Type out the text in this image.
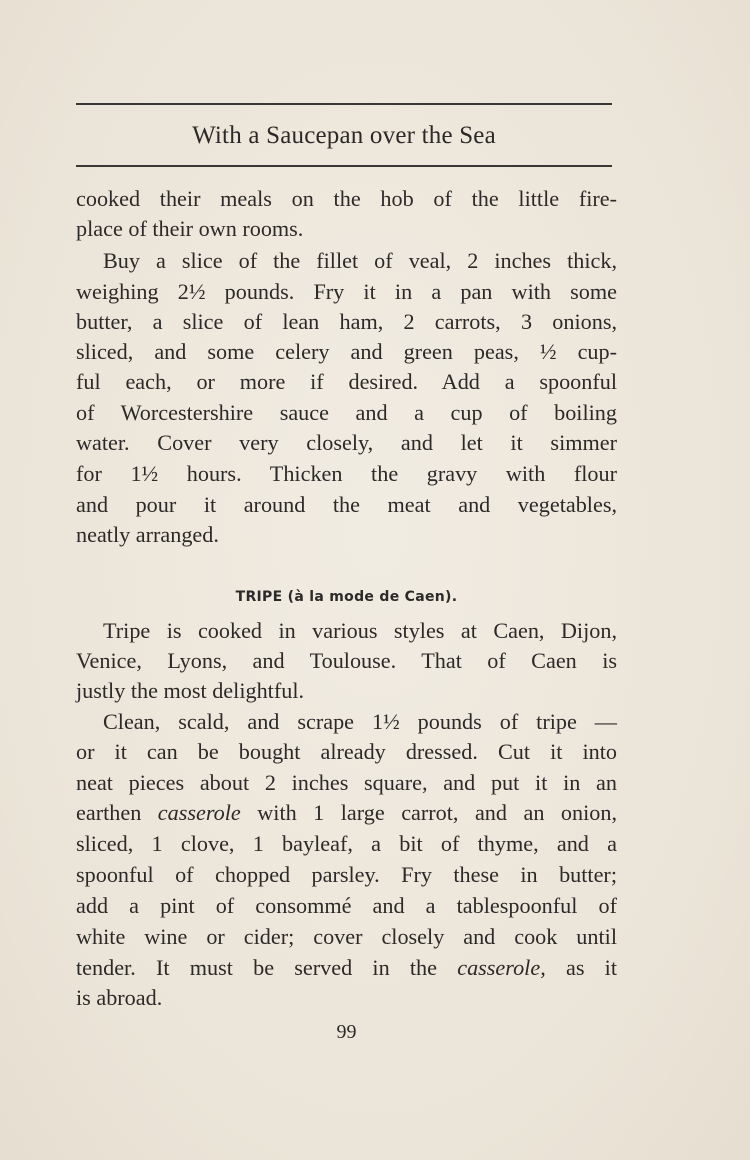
With a Saucepan over the Sea
cooked their meals on the hob of the little fire-
place of their own rooms.
Buy a slice of the fillet of veal, 2 inches thick,
weighing 2½ pounds. Fry it in a pan with some
butter, a slice of lean ham, 2 carrots, 3 onions,
sliced, and some celery and green peas, ½ cup-
ful each, or more if desired. Add a spoonful
of Worcestershire sauce and a cup of boiling
water. Cover very closely, and let it simmer
for 1½ hours. Thicken the gravy with flour
and pour it around the meat and vegetables,
neatly arranged.
TRIPE (à la mode de Caen).
Tripe is cooked in various styles at Caen, Dijon,
Venice, Lyons, and Toulouse. That of Caen is
justly the most delightful.
Clean, scald, and scrape 1½ pounds of tripe —
or it can be bought already dressed. Cut it into
neat pieces about 2 inches square, and put it in an
earthen casserole with 1 large carrot, and an onion,
sliced, 1 clove, 1 bayleaf, a bit of thyme, and a
spoonful of chopped parsley. Fry these in butter;
add a pint of consommé and a tablespoonful of
white wine or cider; cover closely and cook until
tender. It must be served in the casserole, as it
is abroad.
99
